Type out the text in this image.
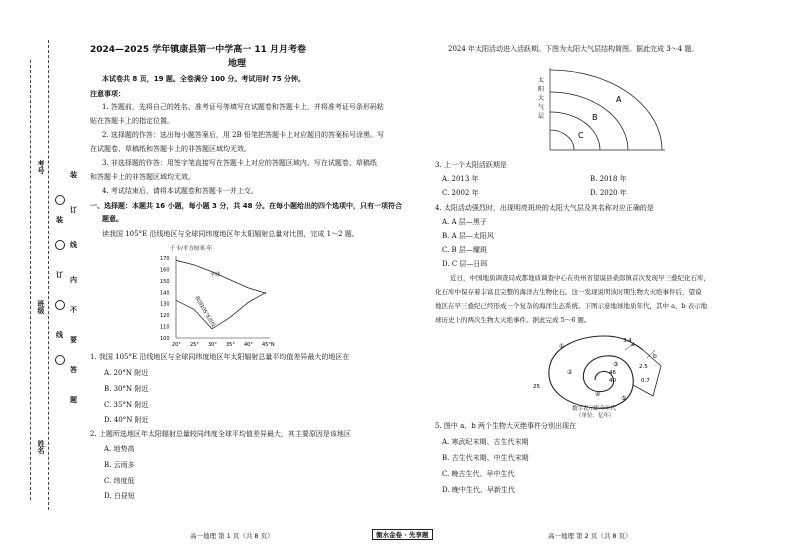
考号
班级
姓名
装
订
线
装
订
线
内
不
要
答
题
2024—2025 学年镇康县第一中学高一 11 月月考卷
地理
本试卷共 8 页，19 题。全卷满分 100 分。考试用时 75 分钟。
注意事项：
1. 答题前，先将自己的姓名、准考证号等填写在试题卷和答题卡上，并将准考证号条形码粘
贴在答题卡上的指定位置。
2. 选择题的作答：选出每小题答案后，用 2B 铅笔把答题卡上对应题目的答案标号涂黑。写
在试题卷、草稿纸和答题卡上的非答题区域均无效。
3. 非选择题的作答：用签字笔直接写在答题卡上对应的答题区域内。写在试题卷、草稿纸
和答题卡上的非答题区域均无效。
4. 考试结束后，请将本试题卷和答题卡一并上交。
一、选择题：本题共 16 小题，每小题 3 分，共 48 分。在每小题给出的四个选项中，只有一项符合
题意。
读我国 105°E 沿线地区与全球同纬度地区年太阳辐射总量对比图，完成 1～2 题。
千卡/平方厘米·年
170
160
150
140
130
120
110
100
20° 25° 30° 35° 40° 45°N
全球
我国105°E沿线
1. 我国 105°E 沿线地区与全球同纬度地区年太阳辐射总量平均值差异最大的地区在
A. 20°N 附近
B. 30°N 附近
C. 35°N 附近
D. 40°N 附近
2. 上题所选地区年太阳辐射总量较同纬度全球平均值差异最大，其主要原因是该地区
A. 地势高
B. 云雨多
C. 纬度低
D. 白昼短
2024 年太阳活动进入活跃期。下图为太阳大气层结构简图。据此完成 3～4 题。
太
阳
大
气
层
A
B
C
3. 上一个太阳活跃期是
A. 2013 年	B. 2018 年
C. 2002 年	D. 2020 年
4. 太阳活动强烈时，出现明亮斑块的太阳大气层及其名称对应正确的是
A. A 层—黑子
B. A 层—太阳风
C. B 层—耀斑
D. C 层—日珥
近日，中国地质调查局成都地质调查中心在贵州省望谟县桑郎镇首次发现早三叠纪化石库，
化石库中保存着丰富且完整的海洋古生物化石。这一发现说明该时期生物大灭绝事件后，望谟
地区在早三叠纪已经形成一个复杂的海洋生态系统。下图示意地球地质年代，其中 a、b 表示地
球历史上的两次生物大灭绝事件。据此完成 5～6 题。
3.4 a
b
2.5
0.7
40
46
25
①
②
③
④
⑤
数字表示距今年代
（单位：亿年）
5. 图中 a、b 两个生物大灭绝事件分别出现在
A. 寒武纪末期、古生代末期
B. 古生代末期、中生代末期
C. 晚古生代、早中生代
D. 晚中生代、早新生代
高一地理 第 1 页（共 8 页）	衡水金卷 · 先享题	高一地理 第 2 页（共 8 页）
